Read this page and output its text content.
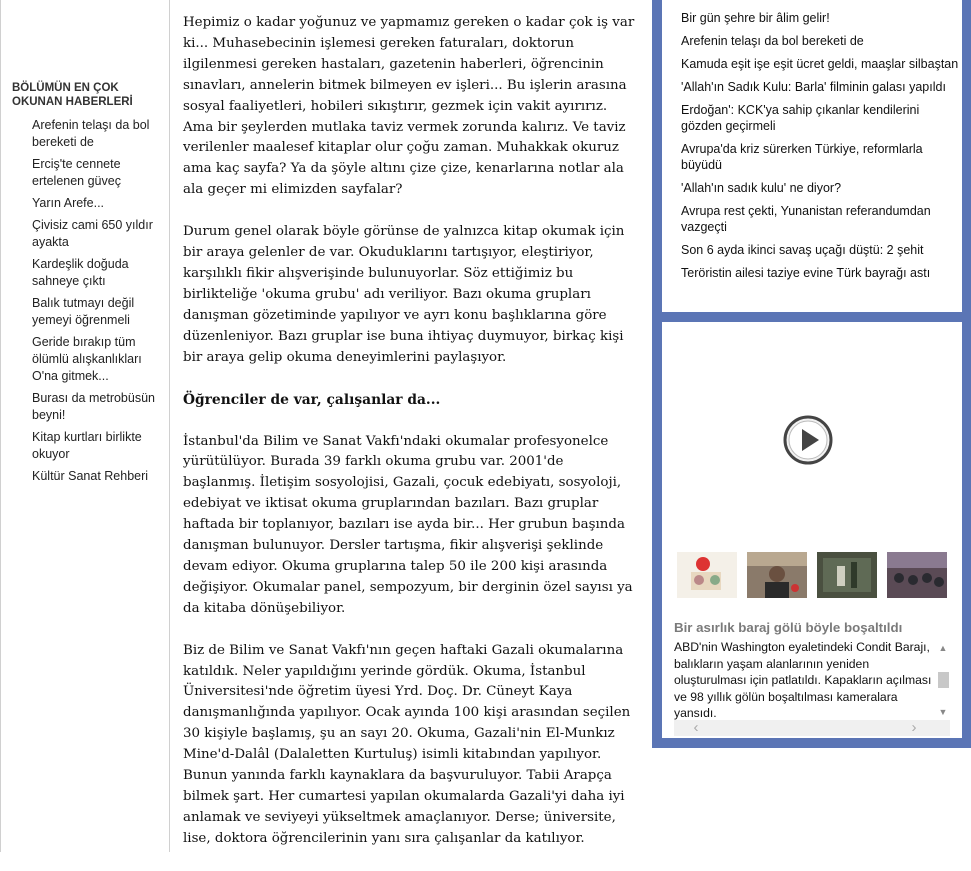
BÖLÜMÜN EN ÇOK OKUNAN HABERLERİ
Arefenin telaşı da bol bereketi de
Erciş'te cennete ertelenen güveç
Yarın Arefe...
Çivisiz cami 650 yıldır ayakta
Kardeşlik doğuda sahneye çıktı
Balık tutmayı değil yemeyi öğrenmeli
Geride bırakıp tüm ölümlü alışkanlıkları O'na gitmek...
Burası da metrobüsün beyni!
Kitap kurtları birlikte okuyor
Kültür Sanat Rehberi

Hepimiz o kadar yoğunuz ve yapmamız gereken o kadar çok iş var ki... Muhasebecinin işlemesi gereken faturaları, doktorun ilgilenmesi gereken hastaları, gazetenin haberleri, öğrencinin sınavları, annelerin bitmek bilmeyen ev işleri... Bu işlerin arasına sosyal faaliyetleri, hobileri sıkıştırır, gezmek için vakit ayırırız. Ama bir şeylerden mutlaka taviz vermek zorunda kalırız. Ve taviz verilenler maalesef kitaplar olur çoğu zaman. Muhakkak okuruz ama kaç sayfa? Ya da şöyle altını çize çize, kenarlarına notlar ala ala geçer mi elimizden sayfalar?

Durum genel olarak böyle görünse de yalnızca kitap okumak için bir araya gelenler de var. Okuduklarını tartışıyor, eleştiriyor, karşılıklı fikir alışverişinde bulunuyorlar. Söz ettiğimiz bu birlikteliğe 'okuma grubu' adı veriliyor. Bazı okuma grupları danışman gözetiminde yapılıyor ve ayrı konu başlıklarına göre düzenleniyor. Bazı gruplar ise buna ihtiyaç duymuyor, birkaç kişi bir araya gelip okuma deneyimlerini paylaşıyor.

Öğrenciler de var, çalışanlar da...

İstanbul'da Bilim ve Sanat Vakfı'ndaki okumalar profesyonelce yürütülüyor. Burada 39 farklı okuma grubu var. 2001'de başlanmış. İletişim sosyolojisi, Gazali, çocuk edebiyatı, sosyoloji, edebiyat ve iktisat okuma gruplarından bazıları. Bazı gruplar haftada bir toplanıyor, bazıları ise ayda bir... Her grubun başında danışman bulunuyor. Dersler tartışma, fikir alışverişi şeklinde devam ediyor. Okuma gruplarına talep 50 ile 200 kişi arasında değişiyor. Okumalar panel, sempozyum, bir derginin özel sayısı ya da kitaba dönüşebiliyor.

Biz de Bilim ve Sanat Vakfı'nın geçen haftaki Gazali okumalarına katıldık. Neler yapıldığını yerinde gördük. Okuma, İstanbul Üniversitesi'nde öğretim üyesi Yrd. Doç. Dr. Cüneyt Kaya danışmanlığında yapılıyor. Ocak ayında 100 kişi arasından seçilen 30 kişiyle başlamış, şu an sayı 20. Okuma, Gazali'nin El-Munkız Mine'd-Dalâl (Dalaletten Kurtuluş) isimli kitabından yapılıyor. Bunun yanında farklı kaynaklara da başvuruluyor. Tabii Arapça bilmek şart. Her cumartesi yapılan okumalarda Gazali'yi daha iyi anlamak ve seviyeyi yükseltmek amaçlanıyor. Derse; üniversite, lise, doktora öğrencilerinin yanı sıra çalışanlar da katılıyor.

Bir gün şehre bir âlim gelir!
Arefenin telaşı da bol bereketi de
Kamuda eşit işe eşit ücret geldi, maaşlar silbaştan
'Allah'ın Sadık Kulu: Barla' filminin galası yapıldı
Erdoğan': KCK'ya sahip çıkanlar kendilerini gözden geçirmeli
Avrupa'da kriz sürerken Türkiye, reformlarla büyüdü
'Allah'ın sadık kulu' ne diyor?
Avrupa rest çekti, Yunanistan referandumdan vazgeçti
Son 6 ayda ikinci savaş uçağı düştü: 2 şehit
Teröristin ailesi taziye evine Türk bayrağı astı
Bir asırlık baraj gölü böyle boşaltıldı
ABD'nin Washington eyaletindeki Condit Barajı, balıkların yaşam alanlarının yeniden oluşturulması için patlatıldı. Kapakların açılması ve 98 yıllık gölün boşaltılması kameralara yansıdı.
▲
▼
‹	›
